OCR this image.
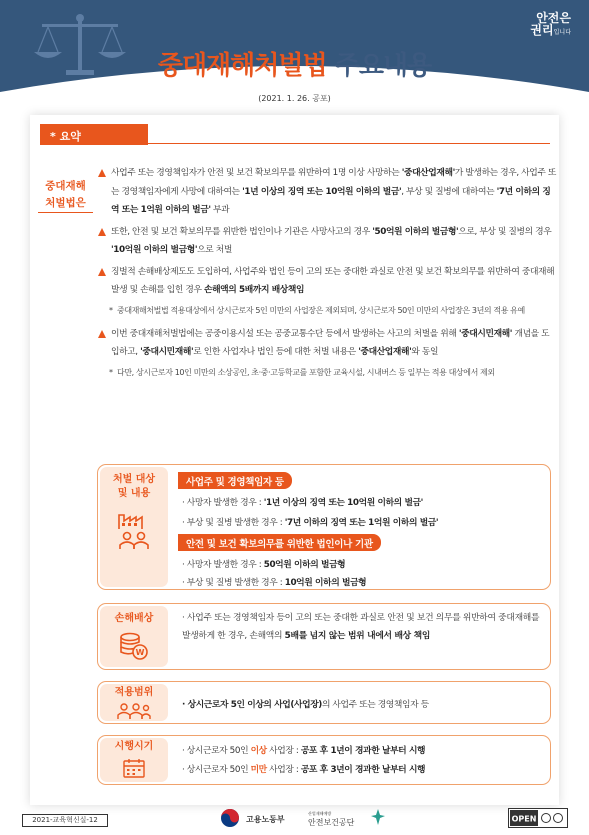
안전은
권리입니다
중대재해처벌법 주요내용
(2021. 1. 26. 공포)
* 요약
중대재해
처벌법은
사업주 또는 경영책임자가 안전 및 보건 확보의무를 위반하여 1명 이상 사망하는 '중대산업재해'가 발생하는 경우, 사업주 또는 경영책임자에게 사망에 대하여는 '1년 이상의 징역 또는 10억원 이하의 벌금', 부상 및 질병에 대하여는 '7년 이하의 징역 또는 1억원 이하의 벌금' 부과
또한, 안전 및 보건 확보의무를 위반한 법인이나 기관은 사망사고의 경우 '50억원 이하의 벌금형'으로, 부상 및 질병의 경우 '10억원 이하의 벌금형'으로 처벌
징벌적 손해배상제도도 도입하여, 사업주와 법인 등이 고의 또는 중대한 과실로 안전 및 보건 확보의무를 위반하여 중대재해 발생 및 손해를 입힌 경우 손해액의 5배까지 배상책임
* 중대재해처벌법 적용대상에서 상시근로자 5인 미만의 사업장은 제외되며, 상시근로자 50인 미만의 사업장은 3년의 적용 유예
이번 중대재해처벌법에는 공중이용시설 또는 공중교통수단 등에서 발생하는 사고의 처벌을 위해 '중대시민재해' 개념을 도입하고, '중대시민재해'로 인한 사업자나 법인 등에 대한 처벌 내용은 '중대산업재해'와 동일
* 다만, 상시근로자 10인 미만의 소상공인, 초·중·고등학교를 포함한 교육시설, 시내버스 등 일부는 적용 대상에서 제외
처벌 대상
및 내용
사업주 및 경영책임자 등
· 사망자 발생한 경우 : '1년 이상의 징역 또는 10억원 이하의 벌금'
· 부상 및 질병 발생한 경우 : '7년 이하의 징역 또는 1억원 이하의 벌금'
안전 및 보건 확보의무를 위반한 법인이나 기관
· 사망자 발생한 경우 : 50억원 이하의 벌금형
· 부상 및 질병 발생한 경우 : 10억원 이하의 벌금형
손해배상
W
· 사업주 또는 경영책임자 등이 고의 또는 중대한 과실로 안전 및 보건 의무를 위반하여 중대재해를 발생하게 한 경우, 손해액의 5배를 넘지 않는 범위 내에서 배상 책임
적용범위
· 상시근로자 5인 이상의 사업(사업장)의 사업주 또는 경영책임자 등
시행시기	· 상시근로자 50인 이상 사업장 : 공포 후 1년이 경과한 날부터 시행
· 상시근로자 50인 미만 사업장 : 공포 후 3년이 경과한 날부터 시행
2021-교육혁신실-12	고용노동부
산업재해예방
안전보건공단	OPEN
